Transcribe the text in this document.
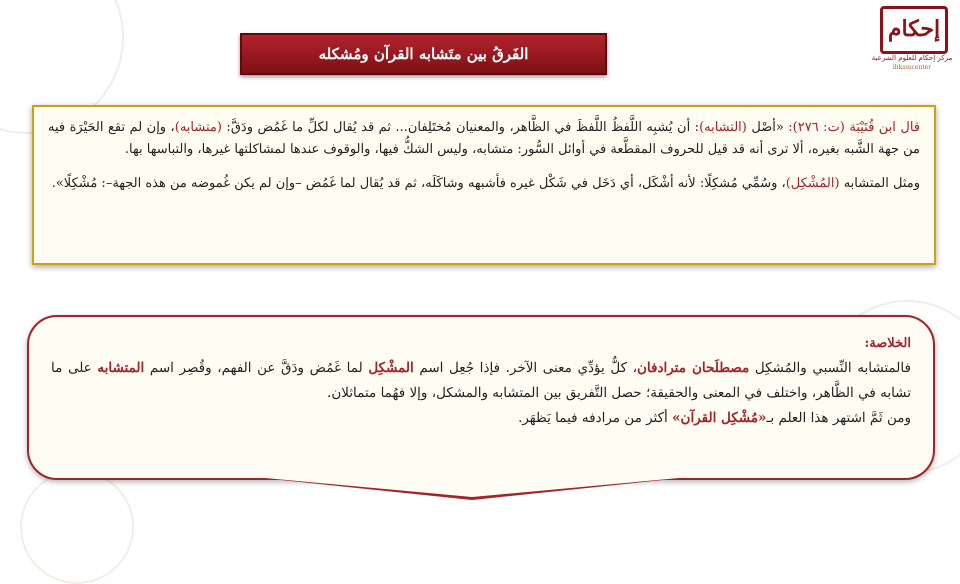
إحكام
مركز إحكام للعلوم الشرعية
ihkamcenter
الفَرقُ بين متَشابه القرآن ومُشكله

قال ابن قُتَيْبَة (ت: ٢٧٦): «أصْل (التشابه): أن يُشبِه اللَّفظُ اللَّفظَ في الظَّاهر، والمعنيان مُختَلِفان... ثم قد يُقال لكلِّ ما غَمُض ودَقَّ: (متشابه)، وإن لم تقع الحَيْرَة فيه من جهة الشَّبه بغيره، ألا ترى أنه قد قيل للحروف المقطَّعة في أوائل السُّور: متشابه، وليس الشكُّ فيها، والوقوف عندها لمشاكلتها غيرها، والتباسها بها.

ومثل المتشابه (المُشْكِل)، وسُمِّي مُشكِلًا: لأنه أشْكَل، أي دَخَل في شَكْل غيره فأشبهه وشاكَلَه، ثم قد يُقال لما غَمُض –وإن لم يكن غُموضه من هذه الجهة–: مُشْكِلًا».

الخلاصة:

فالمتشابه النِّسبي والمُشكِل مصطلَحان مترادفان، كلٌّ يؤدِّي معنى الآخر. فإذا جُعِل اسم المشْكِل لما غَمُض ودَقَّ عن الفهم، وقُصِر اسم المتشابه على ما تشابه في الظَّاهر، واختلف في المعنى والحقيقة؛ حصل التَّفريق بين المتشابه والمشكل، وإلا فهُما متماثلان.

ومن ثَمَّ اشتهر هذا العلم بـ«مُشْكِل القرآن» أكثر من مرادفه فيما يَظهَر.
